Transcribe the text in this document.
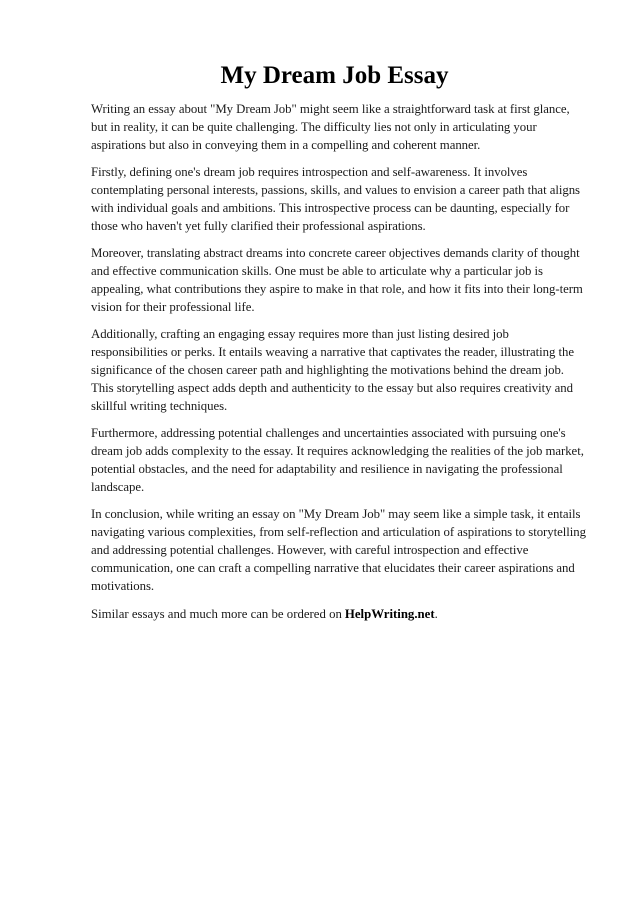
My Dream Job Essay

Writing an essay about "My Dream Job" might seem like a straightforward task at first glance,
but in reality, it can be quite challenging. The difficulty lies not only in articulating your
aspirations but also in conveying them in a compelling and coherent manner.

Firstly, defining one's dream job requires introspection and self-awareness. It involves
contemplating personal interests, passions, skills, and values to envision a career path that aligns
with individual goals and ambitions. This introspective process can be daunting, especially for
those who haven't yet fully clarified their professional aspirations.

Moreover, translating abstract dreams into concrete career objectives demands clarity of thought
and effective communication skills. One must be able to articulate why a particular job is
appealing, what contributions they aspire to make in that role, and how it fits into their long-term
vision for their professional life.

Additionally, crafting an engaging essay requires more than just listing desired job
responsibilities or perks. It entails weaving a narrative that captivates the reader, illustrating the
significance of the chosen career path and highlighting the motivations behind the dream job.
This storytelling aspect adds depth and authenticity to the essay but also requires creativity and
skillful writing techniques.

Furthermore, addressing potential challenges and uncertainties associated with pursuing one's
dream job adds complexity to the essay. It requires acknowledging the realities of the job market,
potential obstacles, and the need for adaptability and resilience in navigating the professional
landscape.

In conclusion, while writing an essay on "My Dream Job" may seem like a simple task, it entails
navigating various complexities, from self-reflection and articulation of aspirations to storytelling
and addressing potential challenges. However, with careful introspection and effective
communication, one can craft a compelling narrative that elucidates their career aspirations and
motivations.

Similar essays and much more can be ordered on HelpWriting.net.
